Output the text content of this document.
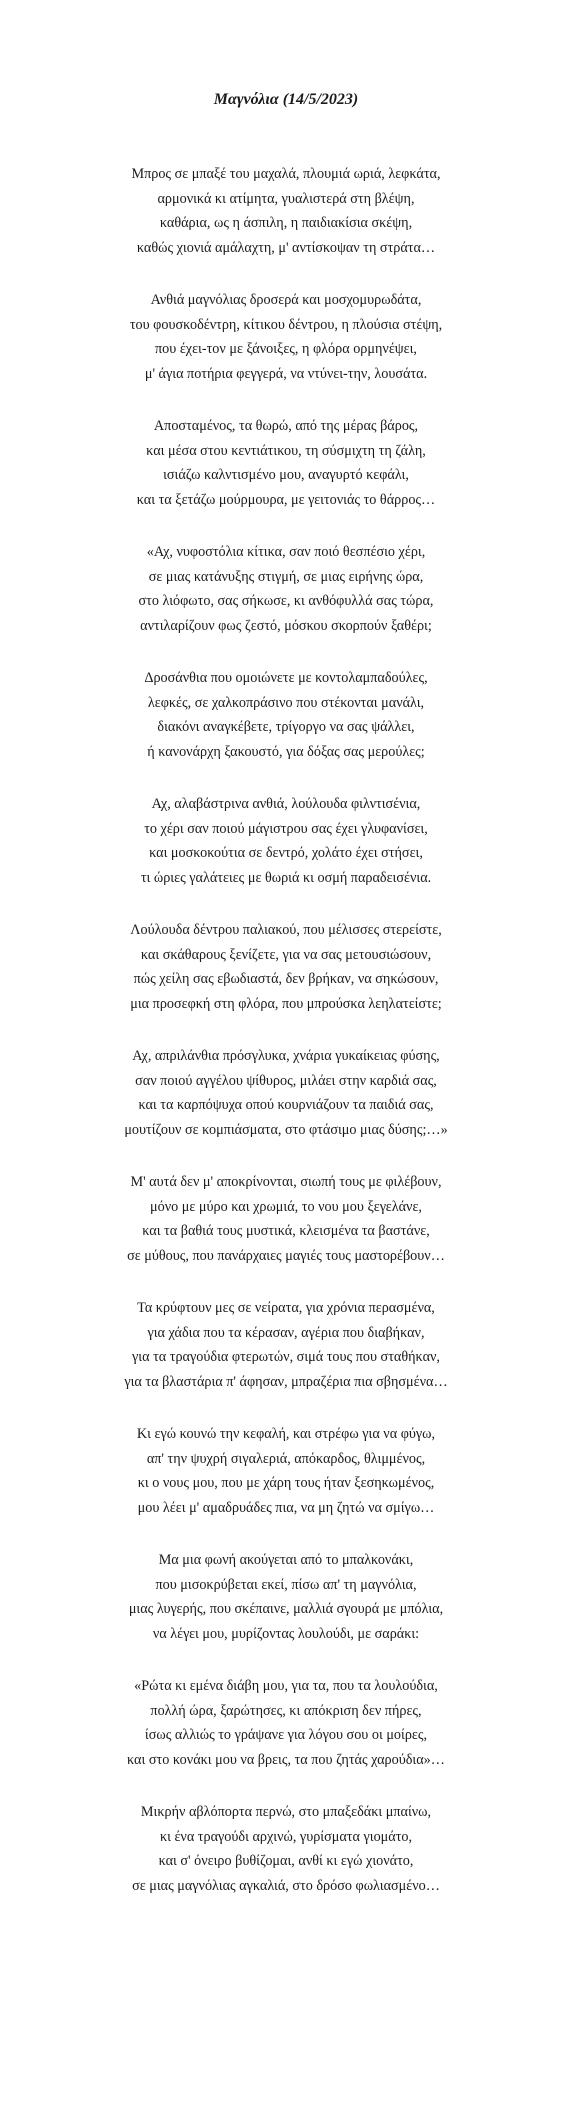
Μαγνόλια (14/5/2023)
Μπρος σε μπαξέ του μαχαλά, πλουμιά ωριά, λεφκάτα,
αρμονικά κι ατίμητα, γυαλιστερά στη βλέψη,
καθάρια, ως η άσπιλη, η παιδιακίσια σκέψη,
καθώς χιονιά αμάλαχτη, μ' αντίσκοψαν τη στράτα…
Ανθιά μαγνόλιας δροσερά και μοσχομυρωδάτα,
του φουσκοδέντρη, κίτικου δέντρου, η πλούσια στέψη,
που έχει-τον με ξάνοιξες, η φλόρα ορμηνέψει,
μ' άγια ποτήρια φεγγερά, να ντύνει-την, λουσάτα.
Αποσταμένος, τα θωρώ, από της μέρας βάρος,
και μέσα στου κεντιάτικου, τη σύσμιχτη τη ζάλη,
ισιάζω καλντισμένο μου, αναγυρτό κεφάλι,
και τα ξετάζω μούρμουρα, με γειτονιάς το θάρρος…
«Αχ, νυφοστόλια κίτικα, σαν ποιό θεσπέσιο χέρι,
σε μιας κατάνυξης στιγμή, σε μιας ειρήνης ώρα,
στο λιόφωτο, σας σήκωσε, κι ανθόφυλλά σας τώρα,
αντιλαρίζουν φως ζεστό, μόσκου σκορπούν ξαθέρι;
Δροσάνθια που ομοιώνετε με κοντολαμπαδούλες,
λεφκές, σε χαλκοπράσινο που στέκονται μανάλι,
διακόνι αναγκέβετε, τρίγοργο να σας ψάλλει,
ή κανονάρχη ξακουστό, για δόξας σας μερούλες;
Αχ, αλαβάστρινα ανθιά, λούλουδα φιλντισένια,
το χέρι σαν ποιού μάγιστρου σας έχει γλυφανίσει,
και μοσκοκούτια σε δεντρό, χολάτο έχει στήσει,
τι ώριες γαλάτειες με θωριά κι οσμή παραδεισένια.
Λούλουδα δέντρου παλιακού, που μέλισσες στερείστε,
και σκάθαρους ξενίζετε, για να σας μετουσιώσουν,
πώς χείλη σας εβωδιαστά, δεν βρήκαν, να σηκώσουν,
μια προσεφκή στη φλόρα, που μπρούσκα λεηλατείστε;
Αχ, απριλάνθια πρόσγλυκα, χνάρια γυκαίκειας φύσης,
σαν ποιού αγγέλου ψίθυρος, μιλάει στην καρδιά σας,
και τα καρπόψυχα οπού κουρνιάζουν τα παιδιά σας,
μουτίζουν σε κομπιάσματα, στο φτάσιμο μιας δύσης;…»
Μ' αυτά δεν μ' αποκρίνονται, σιωπή τους με φιλέβουν,
μόνο με μύρο και χρωμιά, το νου μου ξεγελάνε,
και τα βαθιά τους μυστικά, κλεισμένα τα βαστάνε,
σε μύθους, που πανάρχαιες μαγιές τους μαστορέβουν…
Τα κρύφτουν μες σε νείρατα, για χρόνια περασμένα,
για χάδια που τα κέρασαν, αγέρια που διαβήκαν,
για τα τραγούδια φτερωτών, σιμά τους που σταθήκαν,
για τα βλαστάρια π' άφησαν, μπραζέρια πια σβησμένα…
Κι εγώ κουνώ την κεφαλή, και στρέφω για να φύγω,
απ' την ψυχρή σιγαλεριά, απόκαρδος, θλιμμένος,
κι ο νους μου, που με χάρη τους ήταν ξεσηκωμένος,
μου λέει μ' αμαδρυάδες πια, να μη ζητώ να σμίγω…
Μα μια φωνή ακούγεται από το μπαλκονάκι,
που μισοκρύβεται εκεί, πίσω απ' τη μαγνόλια,
μιας λυγερής, που σκέπαινε, μαλλιά σγουρά με μπόλια,
να λέγει μου, μυρίζοντας λουλούδι, με σαράκι:
«Ρώτα κι εμένα διάβη μου, για τα, που τα λουλούδια,
πολλή ώρα, ξαρώτησες, κι απόκριση δεν πήρες,
ίσως αλλιώς το γράψανε για λόγου σου οι μοίρες,
και στο κονάκι μου να βρεις, τα που ζητάς χαρούδια»…
Μικρήν αβλόπορτα περνώ, στο μπαξεδάκι μπαίνω,
κι ένα τραγούδι αρχινώ, γυρίσματα γιομάτο,
και σ' όνειρο βυθίζομαι, ανθί κι εγώ χιονάτο,
σε μιας μαγνόλιας αγκαλιά, στο δρόσο φωλιασμένο…
